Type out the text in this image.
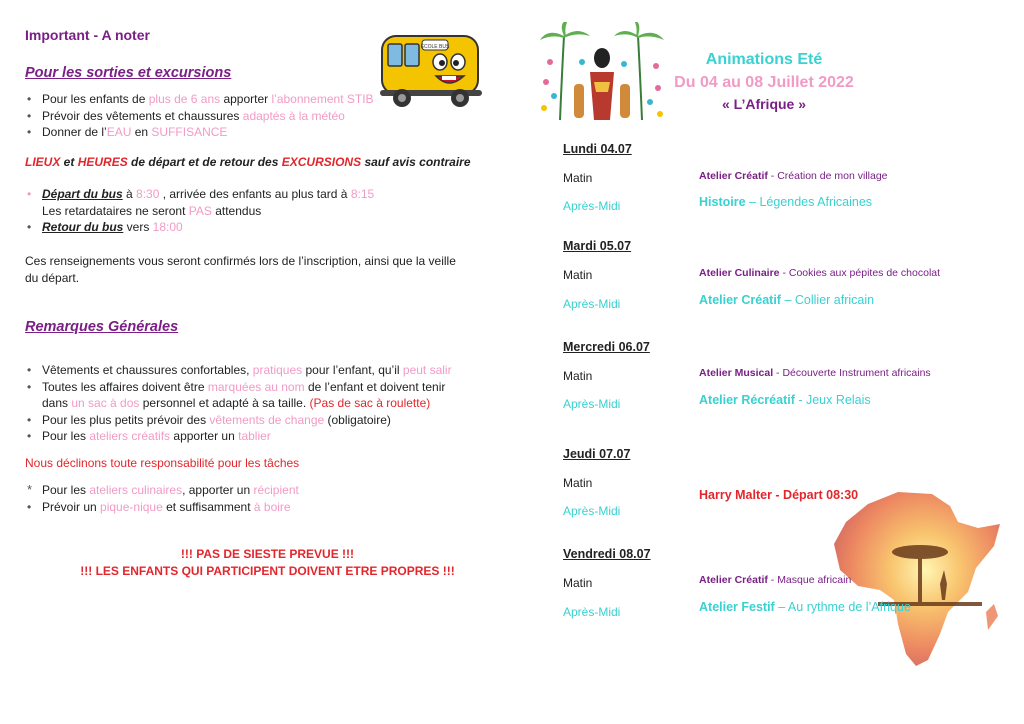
Important - A noter
ÉCOLE BUS
Pour les sorties et excursions
• Pour les enfants de plus de 6 ans apporter l’abonnement STIB
• Prévoir des vêtements et chaussures adaptés à la météo
• Donner de l’EAU en SUFFISANCE
LIEUX et HEURES de départ et de retour des EXCURSIONS sauf avis contraire
• Départ du bus à 8:30 , arrivée des enfants au plus tard à 8:15
Les retardataires ne seront PAS attendus
• Retour du bus vers 18:00
Ces renseignements vous seront confirmés lors de l’inscription, ainsi que la veille
du départ.
Remarques Générales
• Vêtements et chaussures confortables, pratiques pour l’enfant, qu’il peut salir
• Toutes les affaires doivent être marquées au nom de l’enfant et doivent tenir
dans un sac à dos personnel et adapté à sa taille. (Pas de sac à roulette)
• Pour les plus petits prévoir des vêtements de change (obligatoire)
• Pour les ateliers créatifs apporter un tablier
Nous déclinons toute responsabilité pour les tâches
* Pour les ateliers culinaires, apporter un récipient
• Prévoir un pique-nique et suffisamment à boire
!!! PAS DE SIESTE PREVUE !!!
!!! LES ENFANTS QUI PARTICIPENT DOIVENT ETRE PROPRES !!!
Animations Eté
Du 04 au 08 Juillet 2022
« L’Afrique »
Lundi 04.07
Matin
Après-Midi
Atelier Créatif - Création de mon village
Histoire – Légendes Africaines
Mardi 05.07
Matin
Après-Midi
Atelier Culinaire - Cookies aux pépites de chocolat
Atelier Créatif – Collier africain
Mercredi 06.07
Matin
Après-Midi
Atelier Musical - Découverte Instrument africains
Atelier Récréatif - Jeux Relais
Jeudi 07.07
Matin
Après-Midi
Harry Malter - Départ 08:30
Vendredi 08.07
Matin
Après-Midi
Atelier Créatif - Masque africain
Atelier Festif – Au rythme de l’Afrique
